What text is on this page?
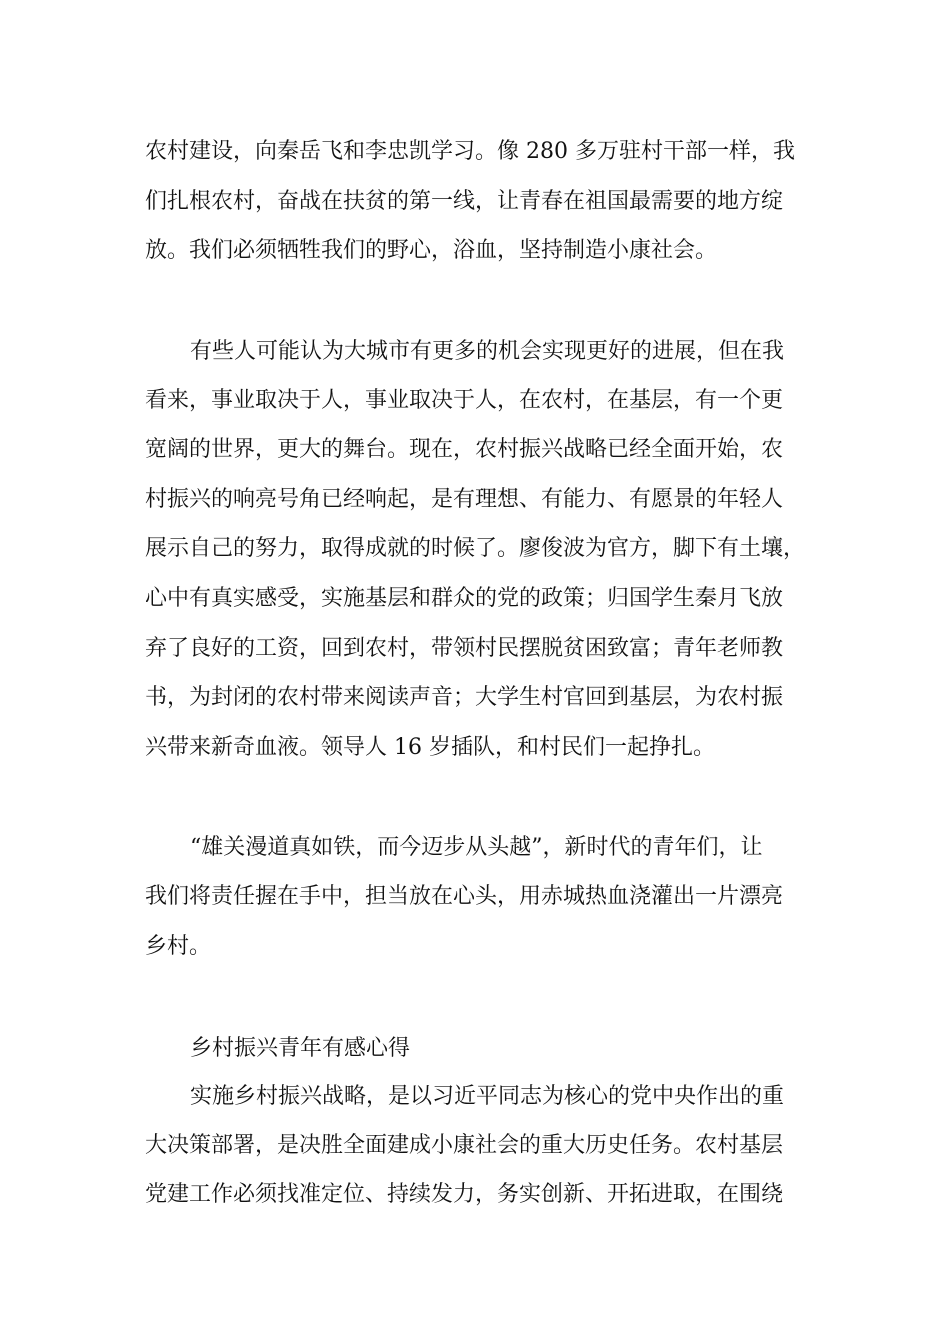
农村建设，向秦岳飞和李忠凯学习。像 280 多万驻村干部一样，我
们扎根农村，奋战在扶贫的第一线，让青春在祖国最需要的地方绽
放。我们必须牺牲我们的野心，浴血，坚持制造小康社会。
有些人可能认为大城市有更多的机会实现更好的进展，但在我
看来，事业取决于人，事业取决于人，在农村，在基层，有一个更
宽阔的世界，更大的舞台。现在，农村振兴战略已经全面开始，农
村振兴的响亮号角已经响起，是有理想、有能力、有愿景的年轻人
展示自己的努力，取得成就的时候了。廖俊波为官方，脚下有土壤，
心中有真实感受，实施基层和群众的党的政策；归国学生秦月飞放
弃了良好的工资，回到农村，带领村民摆脱贫困致富；青年老师教
书，为封闭的农村带来阅读声音；大学生村官回到基层，为农村振
兴带来新奇血液。领导人 16 岁插队，和村民们一起挣扎。
“雄关漫道真如铁，而今迈步从头越”，新时代的青年们，让
我们将责任握在手中，担当放在心头，用赤城热血浇灌出一片漂亮
乡村。
乡村振兴青年有感心得
实施乡村振兴战略，是以习近平同志为核心的党中央作出的重
大决策部署，是决胜全面建成小康社会的重大历史任务。农村基层
党建工作必须找准定位、持续发力，务实创新、开拓进取，在围绕
